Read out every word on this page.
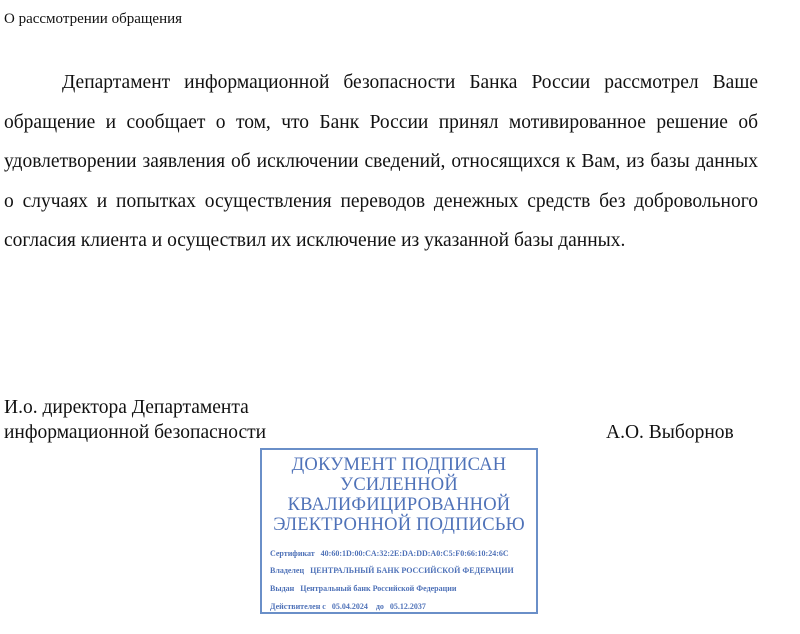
О рассмотрении обращения

Департамент информационной безопасности Банка России рассмотрел Ваше обращение и сообщает о том, что Банк России принял мотивированное решение об удовлетворении заявления об исключении сведений, относящихся к Вам, из базы данных о случаях и попытках осуществления переводов денежных средств без добровольного согласия клиента и осуществил их исключение из указанной базы данных.

И.о. директора Департамента
информационной безопасности	А.О. Выборнов
ДОКУМЕНТ ПОДПИСАН
УСИЛЕННОЙ
КВАЛИФИЦИРОВАННОЙ
ЭЛЕКТРОННОЙ ПОДПИСЬЮ
Сертификат 40:60:1D:00:CA:32:2E:DA:DD:A0:C5:F0:66:10:24:6C
Владелец ЦЕНТРАЛЬНЫЙ БАНК РОССИЙСКОЙ ФЕДЕРАЦИИ
Выдан Центральный банк Российской Федерации
Действителен с 05.04.2024 до 05.12.2037
